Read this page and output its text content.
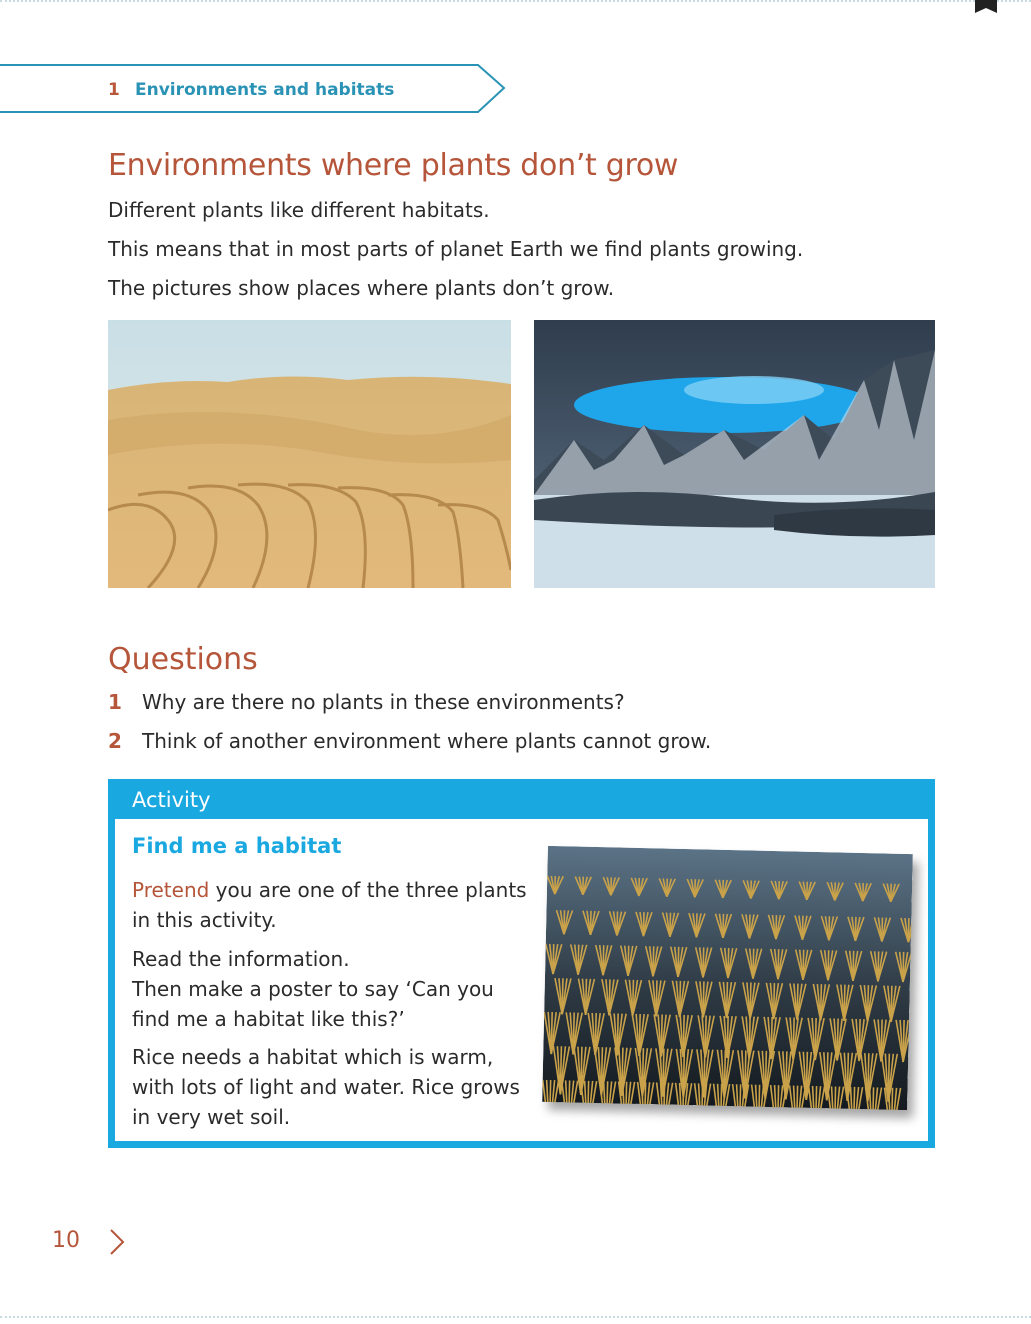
1 Environments and habitats
Environments where plants don’t grow

Different plants like different habitats.

This means that in most parts of planet Earth we find plants growing.

The pictures show places where plants don’t grow.

Questions
1 Why are there no plants in these environments?
2 Think of another environment where plants cannot grow.
Activity
Find me a habitat
Pretend you are one of the three plants in this activity.
Read the information.
Then make a poster to say ‘Can you find me a habitat like this?’
Rice needs a habitat which is warm, with lots of light and water. Rice grows in very wet soil.
10
